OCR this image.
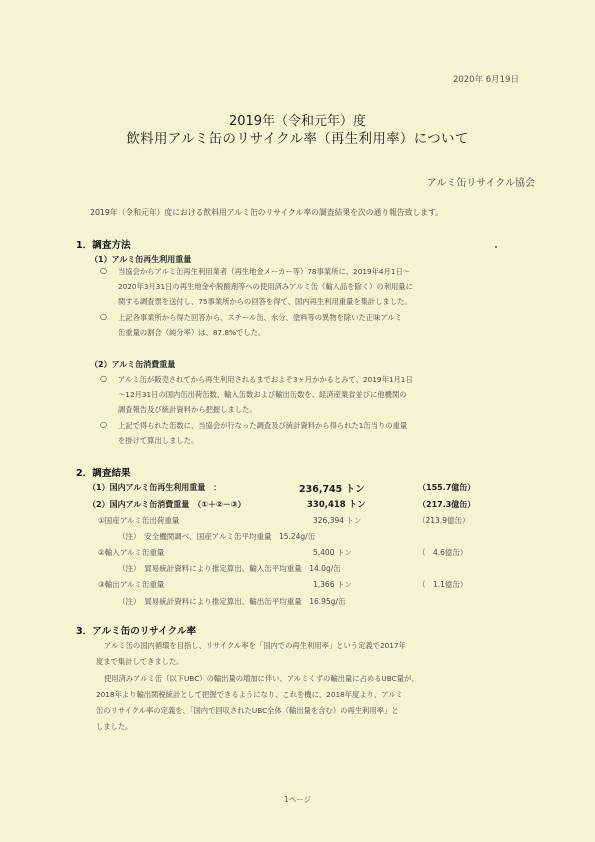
2020年 6月19日
2019年（令和元年）度
飲料用アルミ缶のリサイクル率（再生利用率）について
アルミ缶リサイクル協会
2019年（令和元年）度における飲料用アルミ缶のリサイクル率の調査結果を次の通り報告致します。
1．調査方法
（1）アルミ缶再生利用重量
○ 当協会からアルミ缶再生利用業者（再生地金メーカー等）78事業所に、2019年4月1日～
2020年3月31日の再生地金や脱酸剤等への使用済みアルミ缶（輸入品を除く）の利用量に
関する調査票を送付し、75事業所からの回答を得て、国内再生利用重量を集計しました。
○ 上記各事業所から得た回答から、スチール缶、水分、塗料等の異物を除いた正味アルミ
缶重量の割合（純分率）は、87.8%でした。
（2）アルミ缶消費重量
○ アルミ缶が販売されてから再生利用されるまでおよそ3ヶ月かかるとみて、2019年1月1日
～12月31日の国内缶出荷缶数、輸入缶数および輸出缶数を、経済産業省並びに他機関の
調査報告及び統計資料から把握しました。
○ 上記で得られた缶数に、当協会が行なった調査及び統計資料から得られた1缶当りの重量
を掛けて算出しました。
2．調査結果
（1）国内アルミ缶再生利用重量　：	236,745 トン	（155.7億缶）
（2）国内アルミ缶消費重量　（①＋②－③）	330,418 トン	（217.3億缶）
①国産アルミ缶出荷重量	326,394 トン	（213.9億缶）
（注）　安全機関調べ、国産アルミ缶平均重量　15.24g/缶
②輸入アルミ缶重量	5,400 トン	（　4.6億缶）
（注）　貿易統計資料により推定算出、輸入缶平均重量　14.0g/缶
③輸出アルミ缶重量	1,366 トン	（　1.1億缶）
（注）　貿易統計資料により推定算出、輸出缶平均重量　16.95g/缶
3．アルミ缶のリサイクル率
アルミ缶の国内循環を目指し、リサイクル率を「国内での再生利用率」という定義で2017年
度まで集計してきました。
使用済みアルミ缶（以下UBC）の輸出量の増加に伴い、アルミくずの輸出量に占めるUBC量が、
2018年より輸出関税統計として把握できるようになり、これを機に、2018年度より、アルミ
缶のリサイクル率の定義を、「国内で回収されたUBC全体（輸出量を含む）の再生利用率」と
しました。
1ページ
